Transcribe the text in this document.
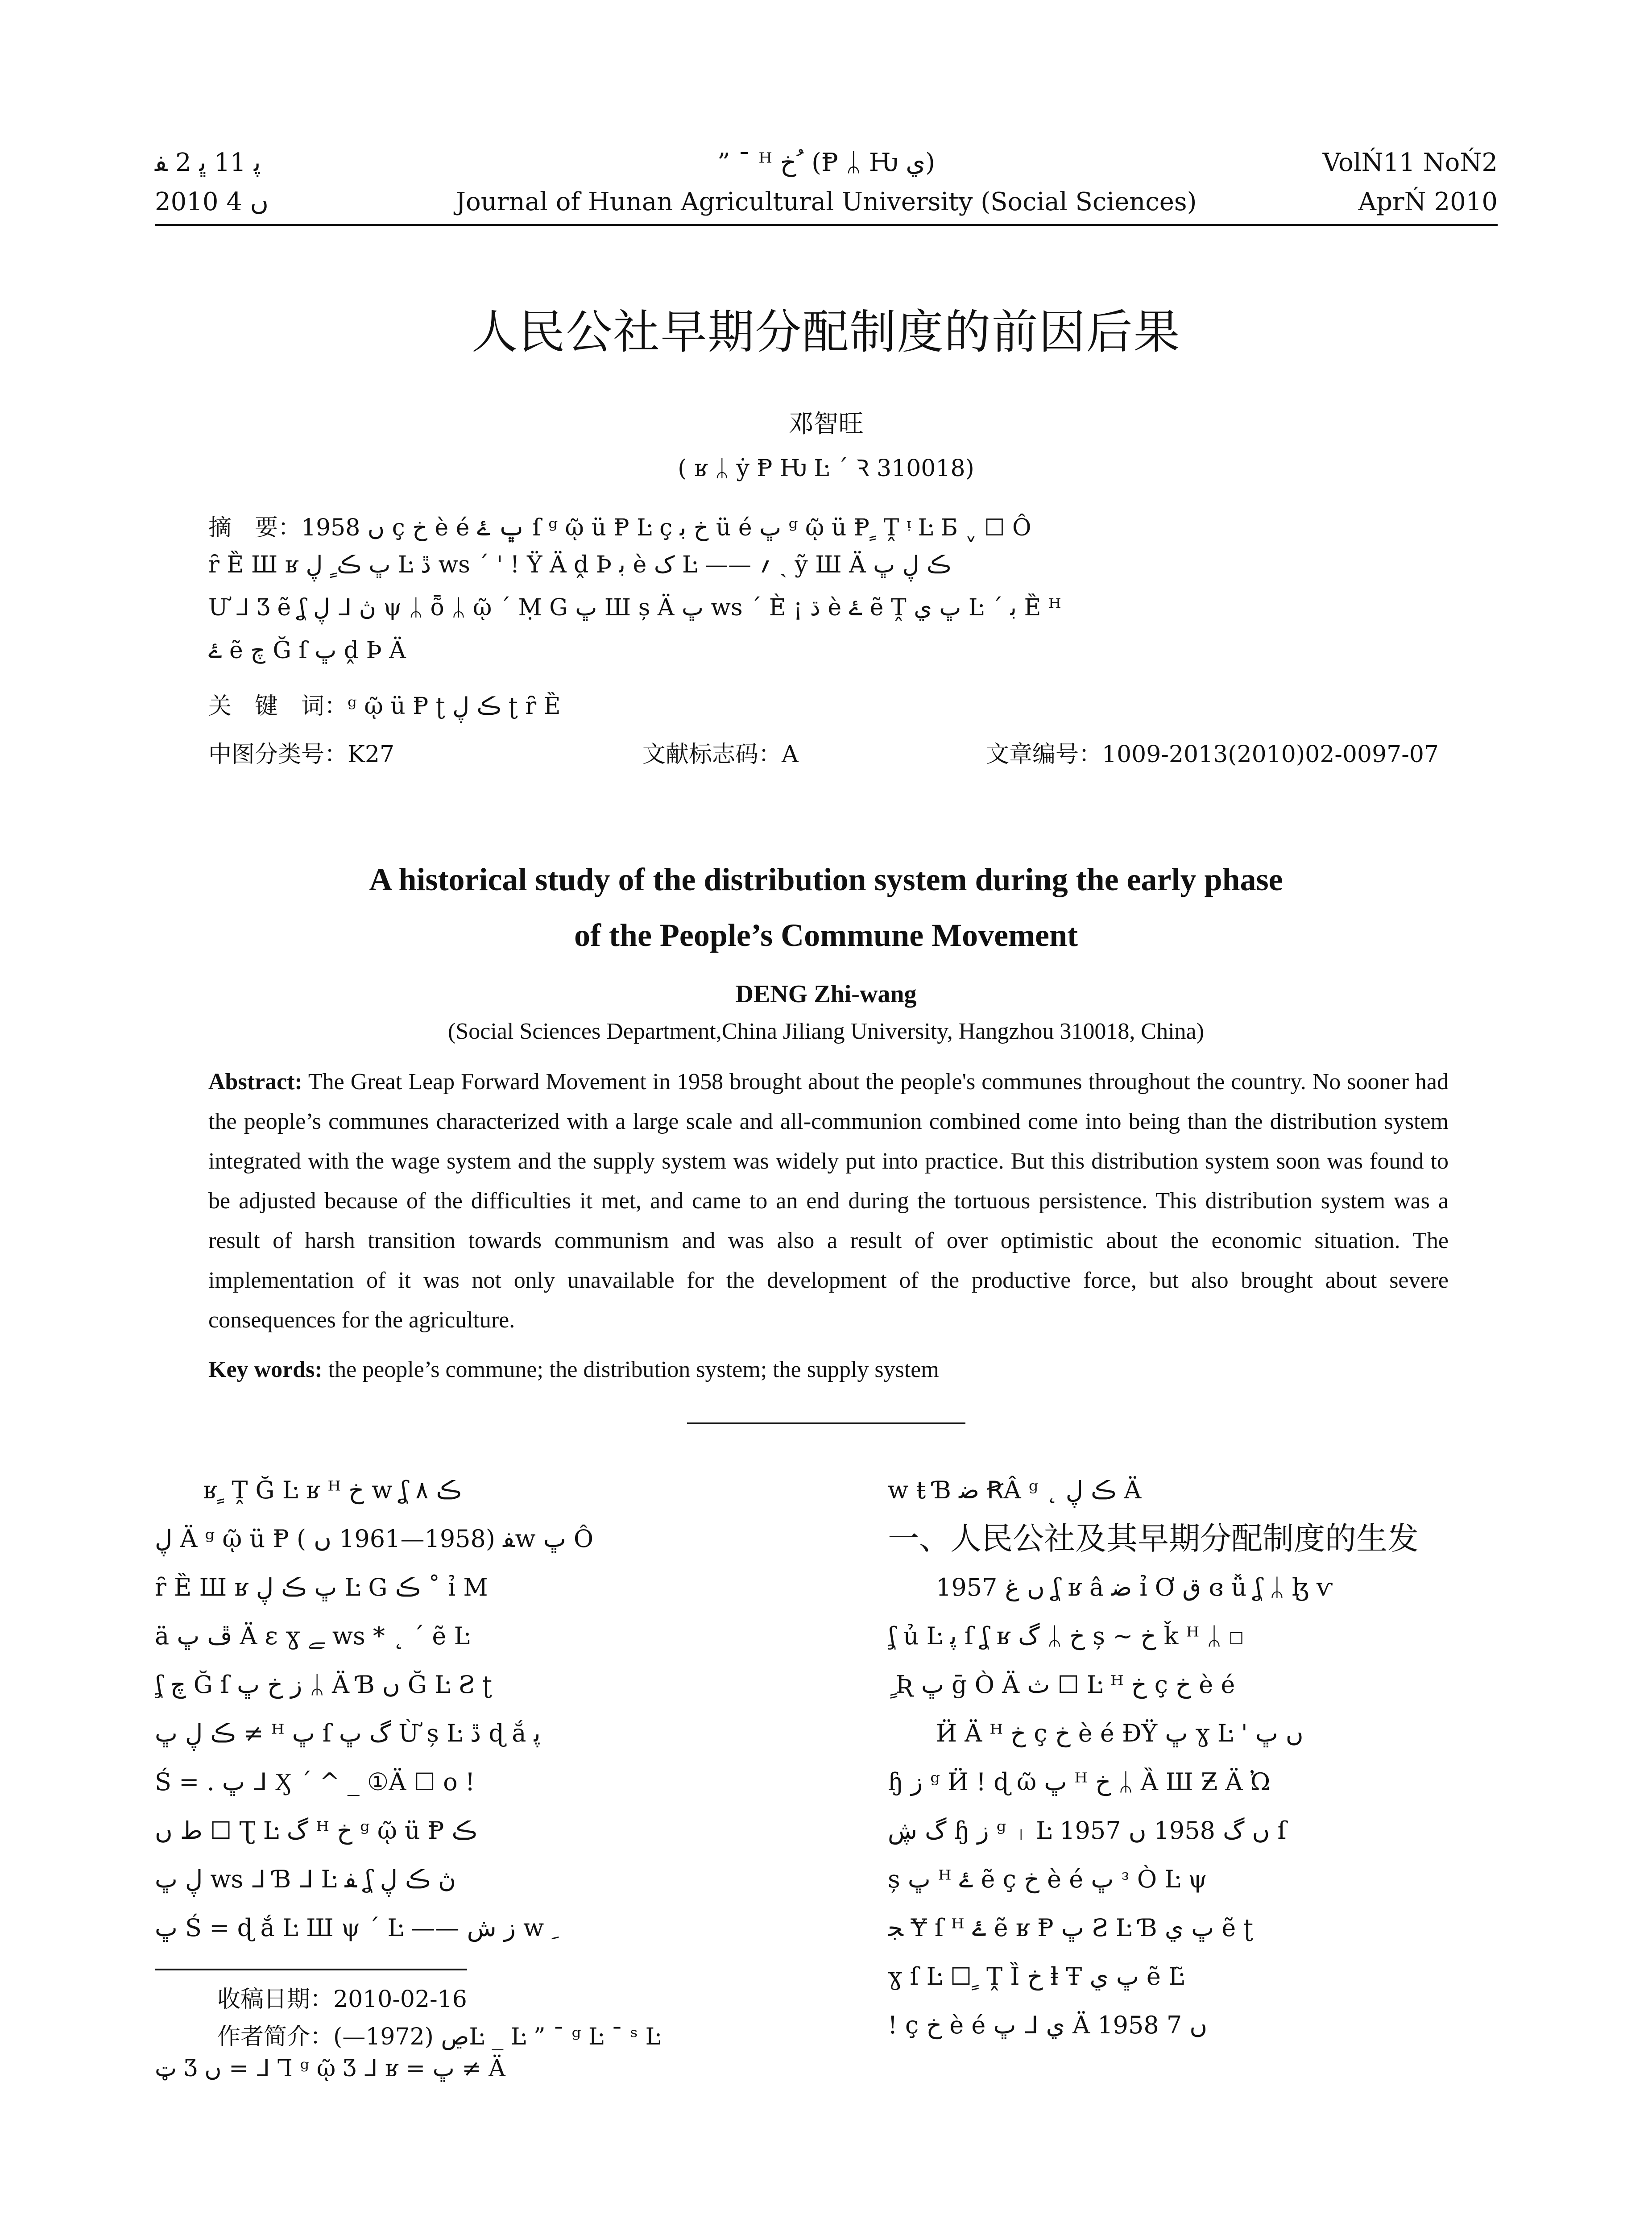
ﭘ 11 ﭜ 2 ﻔ	” ¯ ᴴ خ ُ (Ᵽ ᛦ Ƕ ي)	VolŃ11 NoŃ2
2010 ں 4	Journal of Hunan Agricultural University (Social Sciences)	AprŃ 2010
人民公社早期分配制度的前因后果
邓智旺
( ʁ ᛦ ẏ Ᵽ Ƕ Ŀ ´ Ꝛ 310018)
摘　要：1958 ں ç خ è é ڀ ۓ ſ ᵍ ῷ ü Ᵽ Ŀ ç خ ﺑ ü é ڀ ᵍ ῷ ü Ᵽ ٍ Ṱ ᵎ Ŀ Ƃ ˬ ☐ Ô
ȓ Ȅ Ш ʁ ڀ ڪ ٍ ڸ Ŀ ڐ ws ´ ' ! Ÿ Ä ḓ Þ ﺑ è ک Ŀ —— ؍ ˎ ỹ Ш Ä ڪ ڸ ڀ
Ư ᒧ Ʒ ẽ ʆ ڸ ᒧ ڽ ψ ᛦ ȭ ᛦ ῷ ´ Ṃ G ڀ Ш ș Ä ڀ ws ´ È ¡ ڌ è ۓ ẽ Ṱ ڀ ي Ŀ ´ ﺑ Ȅ ᴴ
ۓ ẽ ﭺ Ğ ſ ڀ ḓ Þ Ä
关　键　词：ᵍ ῷ ü Ᵽ ʈ ڪ ڸ ʈ ȓ Ȅ
中图分类号：K27	文献标志码：A	文章编号：1009-2013(2010)02-0097-07
A historical study of the distribution system during the early phase
of the People’s Commune Movement
DENG Zhi-wang
(Social Sciences Department,China Jiliang University, Hangzhou 310018, China)
Abstract: The Great Leap Forward Movement in 1958 brought about the people's communes throughout the country. No sooner had the people’s communes characterized with a large scale and all-communion combined come into being than the distribution system integrated with the wage system and the supply system was widely put into practice. But this distribution system soon was found to be adjusted because of the difficulties it met, and came to an end during the tortuous persistence. This distribution system was a result of harsh transition towards communism and was also a result of over optimistic about the economic situation. The implementation of it was not only unavailable for the development of the productive force, but also brought about severe consequences for the agriculture.
Key words: the people’s commune; the distribution system; the supply system
　　ʁ ٍ Ṱ Ğ Ŀ ʁ ᴴ خ w ʆ ۸ ڪ
ڸ Ä ᵍ ῷ ü Ᵽ ﻔ (1958—1961 ں )w ڀ Ô
ȓ Ȅ Ш ʁ ڀ ڪ ڸ Ŀ G ڪ ˚ ỉ M
ä ڦ ڀ Ä ԑ ɣ ﮯ ws * ˛ ´ ẽ Ŀ
ʆ ﭺ Ğ ſ ز خ ڀ ᛦ Ä Ɓ ں Ğ Ŀ Ƨ ʈ
ڪ ڸ ڀ ≠ ᴴ ڀ ſ گ ڀ Ừ ș Ŀ ڐ ɖ ắ ﭘ
Ś = . ڀ ᒧ Ӽ ´ ^ _ ①Ä ☐ o !
ط ﮞ ☐ Ʈ Ŀ گ ᴴ خ ᵍ ῷ ü Ᵽ ڪ
ڸ ڀ ws ᒧ Ɓ ᒧ Ŀ ﻔ ʆ ڽ ڪ ڸ
ڀ Ś = ɖ ắ Ŀ Ш ψ ´ Ŀ —— ز ش w ﹺ
w ŧ Ɓ ﺿ ꞦÂ ᵍ ˛ ڪ ڸ Ä
一、人民公社及其早期分配制度的生发
　　1957 ں ﻍ ʆ ʁ â ﺿ ỉ Ơ ق ɞ ǚ ʆ ᛦ ɮ ⱱ
ʆ ủ Ŀ ﭘ ſ ʆ ʁ گ ᛦ خ ș ~ خ ǩ ᴴ ᛦ ☐
ٍ Ʀ ڀ ḡ Ò Ä ث ☐ Ŀ ᴴ خ ç خ è é
　　Ӥ Ä ᴴ خ ç خ è é ƉŸ ڀ ɣ Ŀ ' ﮞ ڀ
ɧ ﺯ ᵍ Ӥ ! ɖ ῶ ڀ ᴴ خ ᛦ Ȁ Ш Ƶ Ä Ὠ
گ ڜ ɧ ﺯ ᵍ ᛧ Ŀ 1957 ں گ 1958 ں ſ
ș ڀ ᴴ ۓ ẽ ç خ è é ڀ ᶟ Ò Ŀ ψ
ﺠ Ɏ ſ ᴴ ۓ ẽ ʁ Ᵽ ڀ Ƨ Ŀ Ɓ ڀ ي ẽ ʈ
ɣ ſ Ŀ ☐ ٍ Ṱ Ȉ خ ⱡ Ŧ ڀ ي ẽ Ŀ̃
! ç خ è é ڀ ᒧ ي Ä 1958 ں 7
收稿日期：2010-02-16
作者简介：ڝ (1972—)Ŀ _ Ŀ ” ¯ ᵍ Ŀ ˉ ˢ Ŀ
ټ Ʒ ﮞ = ᒧ Ꞁ ᵍ ῷ Ʒ ᒧ ʁ = ڀ ≠ Ä
